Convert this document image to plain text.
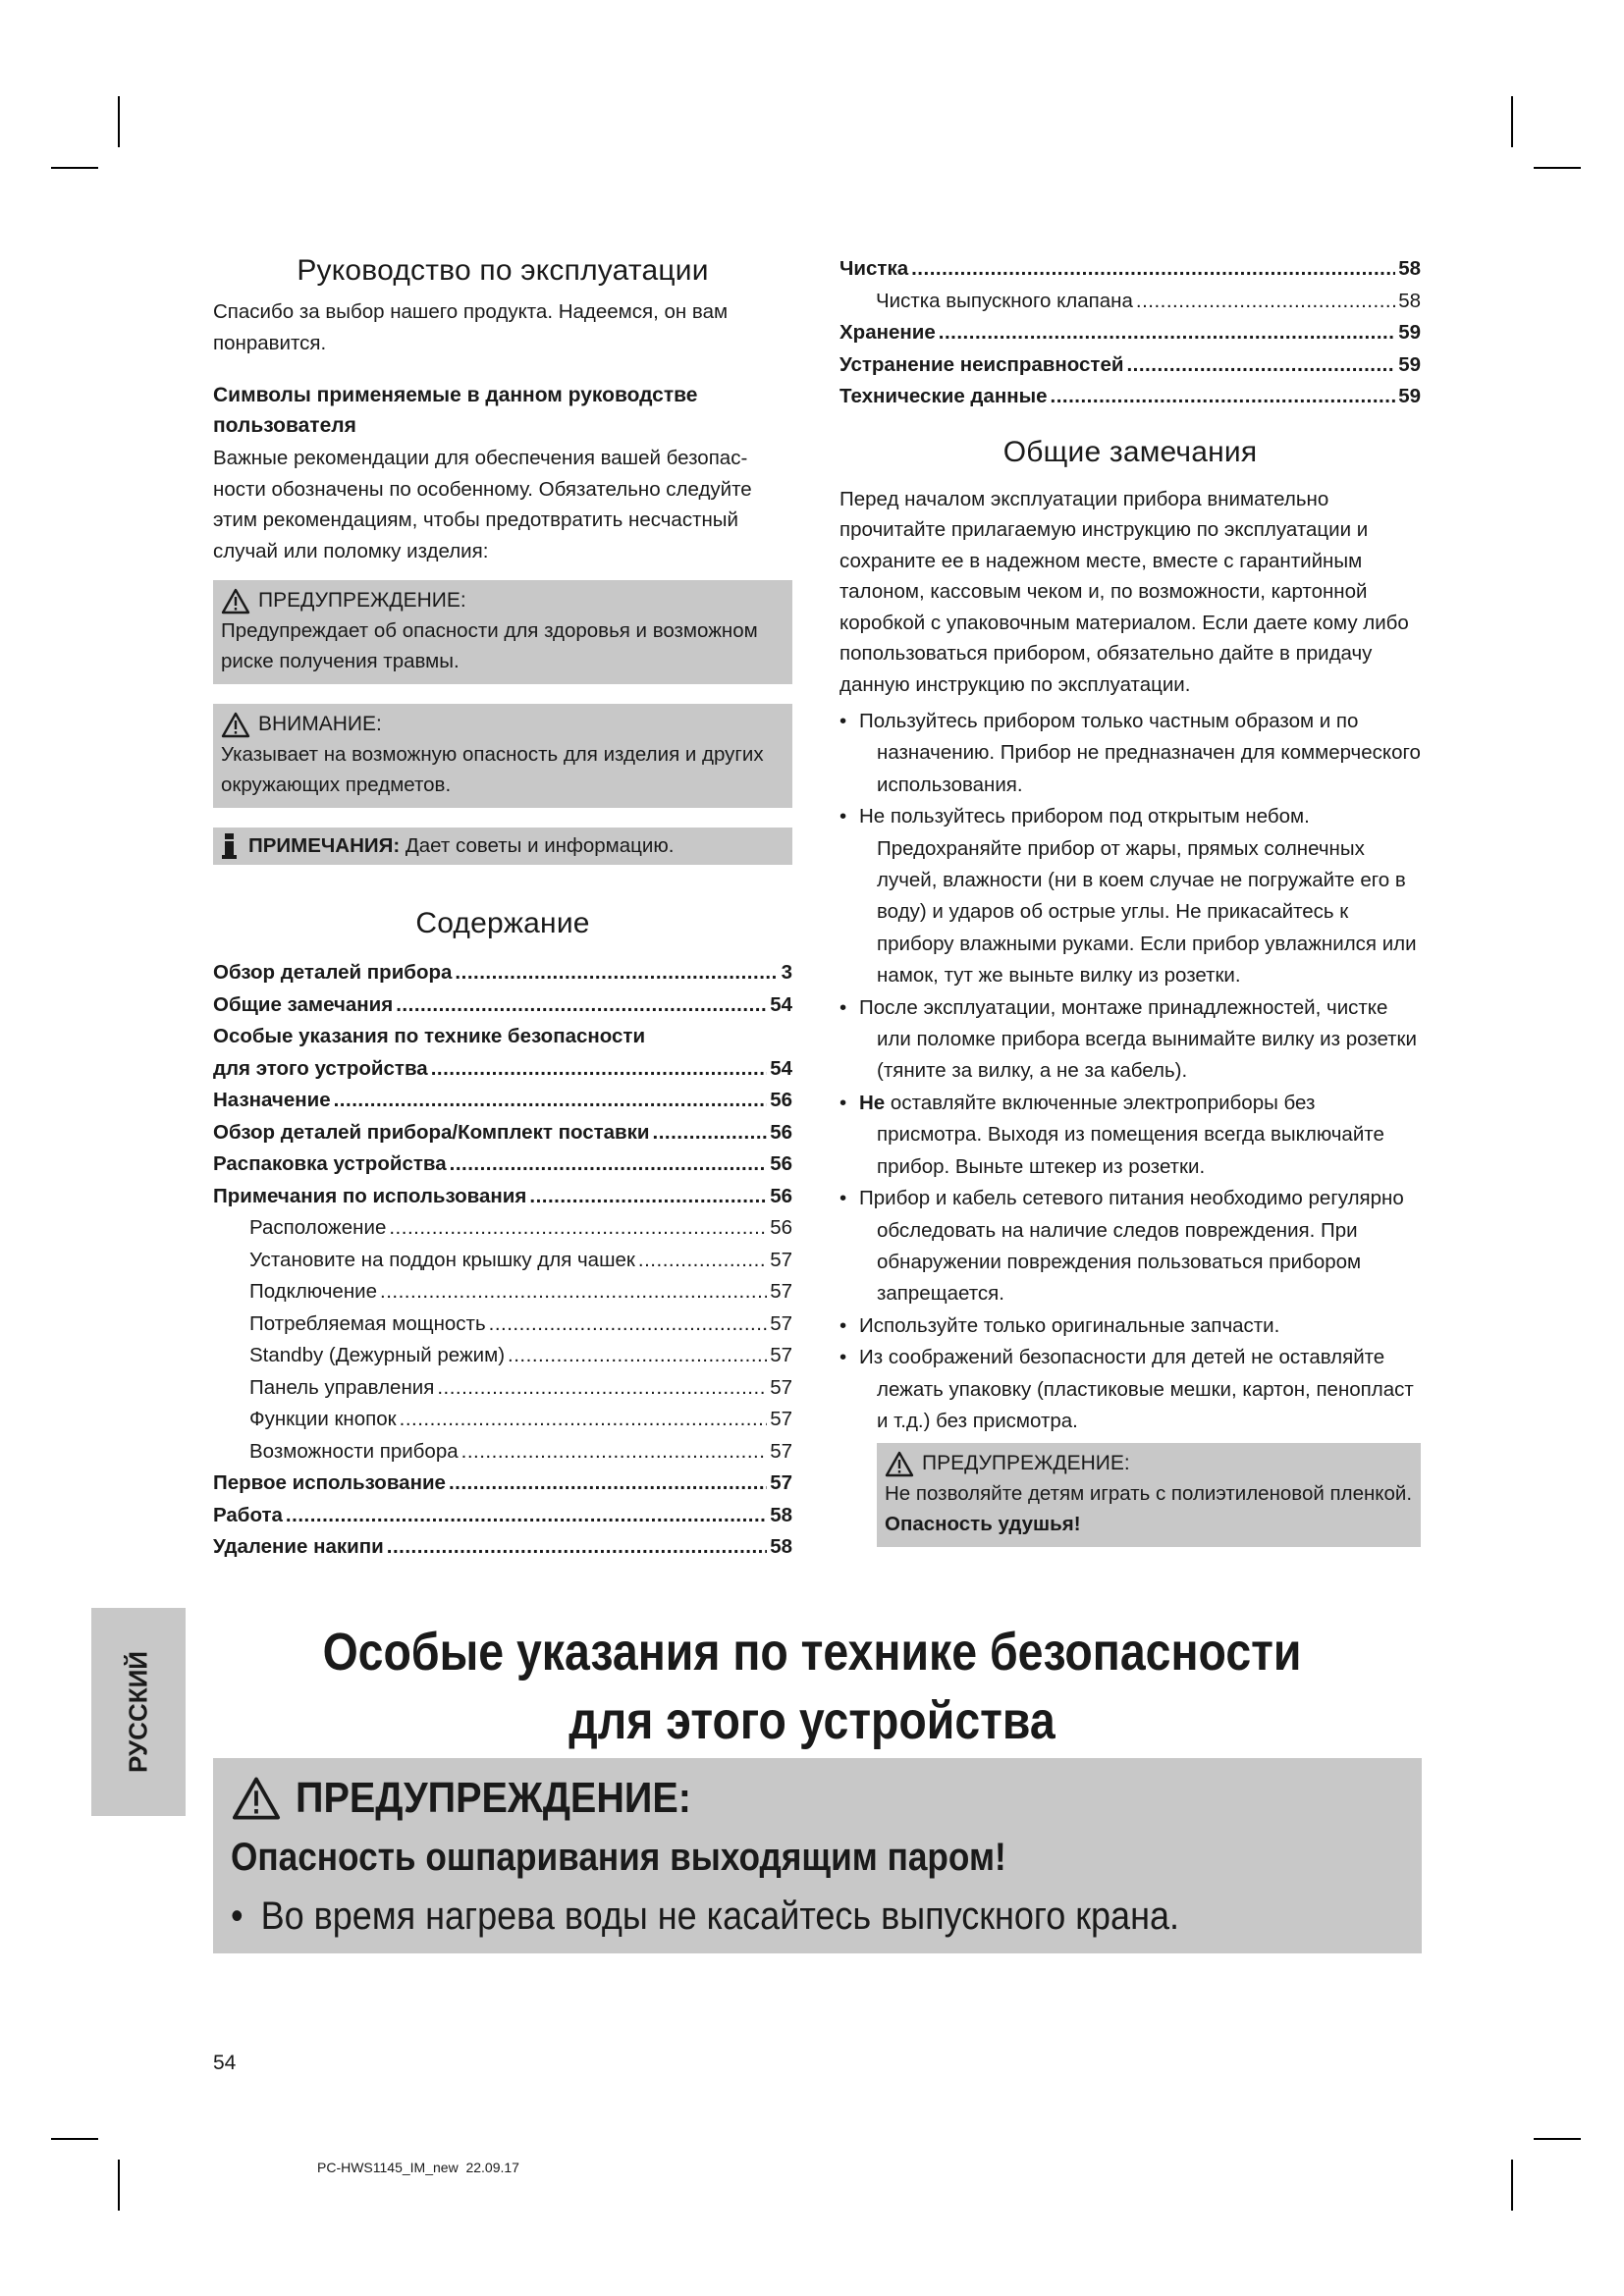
Руководство по эксплуатации

Спасибо за выбор нашего продукта. Надеемся, он вам понравится.

Символы применяемые в данном руководстве пользователя

Важные рекомендации для обеспечения вашей безопасности обозначены по особенному. Обязательно следуйте этим рекомендациям, чтобы предотвратить несчастный случай или поломку изделия:

ПРЕДУПРЕЖДЕНИЕ:

Предупреждает об опасности для здоровья и возможном риске получения травмы.

ВНИМАНИЕ:

Указывает на возможную опасность для изделия и других окружающих предметов.

ПРИМЕЧАНИЯ: Дает советы и информацию.
Содержание
Обзор деталей прибора .....	3
Общие замечания .....	54
Особые указания по технике безопасности
для этого устройства .....	54
Назначение .....	56
Обзор деталей прибора/Комплект поставки .....	56
Распаковка устройства .....	56
Примечания по использования .....	56
Расположение .....	56
Установите на поддон крышку для чашек .....	57
Подключение .....	57
Потребляемая мощность .....	57
Standby (Дежурный режим) .....	57
Панель управления .....	57
Функции кнопок .....	57
Возможности прибора .....	57
Первое использование .....	57
Работа .....	58
Удаление накипи .....	58
Чистка .....	58
Чистка выпускного клапана .....	58
Хранение .....	59
Устранение неисправностей .....	59
Технические данные .....	59
Общие замечания

Перед началом эксплуатации прибора внимательно прочитайте прилагаемую инструкцию по эксплуатации и сохраните ее в надежном месте, вместе с гарантийным талоном, кассовым чеком и, по возможности, картонной коробкой с упаковочным материалом. Если даете кому либо попользоваться прибором, обязательно дайте в придачу данную инструкцию по эксплуатации.

• Пользуйтесь прибором только частным образом и по назначению. Прибор не предназначен для коммерческого использования.
• Не пользуйтесь прибором под открытым небом. Предохраняйте прибор от жары, прямых солнечных лучей, влажности (ни в коем случае не погружайте его в воду) и ударов об острые углы. Не прикасайтесь к прибору влажными руками. Если прибор увлажнился или намок, тут же выньте вилку из розетки.
• После эксплуатации, монтаже принадлежностей, чистке или поломке прибора всегда вынимайте вилку из розетки (тяните за вилку, а не за кабель).
• Не оставляйте включенные электроприборы без присмотра. Выходя из помещения всегда выключайте прибор. Выньте штекер из розетки.
• Прибор и кабель сетевого питания необходимо регулярно обследовать на наличие следов повреждения. При обнаружении повреждения пользоваться прибором запрещается.
• Используйте только оригинальные запчасти.
• Из соображений безопасности для детей не оставляйте лежать упаковку (пластиковые мешки, картон, пенопласт и т.д.) без присмотра.
ПРЕДУПРЕЖДЕНИЕ:

Не позволяйте детям играть с полиэтиленовой пленкой. Опасность удушья!

Особые указания по технике безопасности
для этого устройства
РУССКИЙ
ПРЕДУПРЕЖДЕНИЕ:
Опасность ошпаривания выходящим паром!
• Во время нагрева воды не касайтесь выпускного крана.
54
PC-HWS1145_IM_new  22.09.17
